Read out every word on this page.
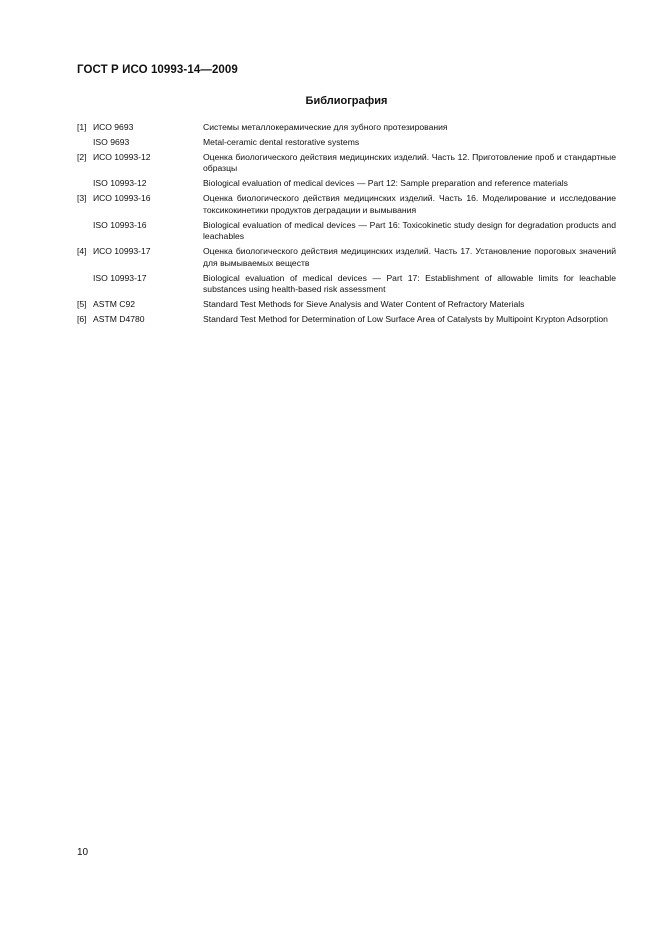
ГОСТ Р ИСО 10993-14—2009
Библиография
[1] ИСО 9693	Системы металлокерамические для зубного протезирования
ISO 9693	Metal-ceramic dental restorative systems
[2] ИСО 10993-12	Оценка биологического действия медицинских изделий. Часть 12. Приготовление проб и стандартные образцы
ISO 10993-12	Biological evaluation of medical devices — Part 12: Sample preparation and reference materials
[3] ИСО 10993-16	Оценка биологического действия медицинских изделий. Часть 16. Моделирование и исследование токсикокинетики продуктов деградации и вымывания
ISO 10993-16	Biological evaluation of medical devices — Part 16: Toxicokinetic study design for degradation products and leachables
[4] ИСО 10993-17	Оценка биологического действия медицинских изделий. Часть 17. Установление пороговых значений для вымываемых веществ
ISO 10993-17	Biological evaluation of medical devices — Part 17: Establishment of allowable limits for leachable substances using health-based risk assessment
[5] ASTM C92	Standard Test Methods for Sieve Analysis and Water Content of Refractory Materials
[6] ASTM D4780	Standard Test Method for Determination of Low Surface Area of Catalysts by Multipoint Krypton Adsorption
10
